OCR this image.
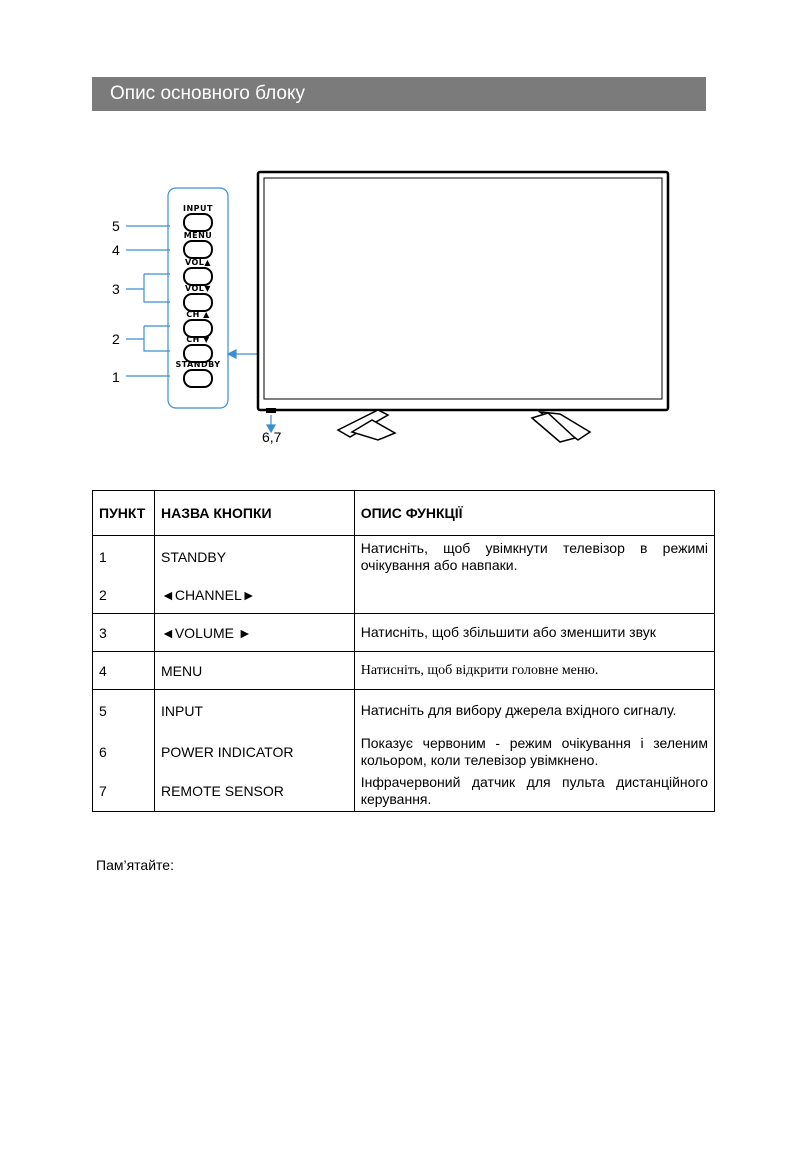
Опис основного блоку
INPUT
MENU
VOL▲
VOL▼
CH ▲
CH ▼
STANDBY
5
4
3
2
1
6,7
ПУНКТ	НАЗВА КНОПКИ	ОПИС ФУНКЦІЇ
1	STANDBY	Натисніть, щоб увімкнути телевізор в режимі очікування або навпаки.
2	◄CHANNEL►	
3	◄VOLUME ►	Натисніть, щоб збільшити або зменшити звук
4	MENU	Натисніть, щоб відкрити головне меню.
5	INPUT	Натисніть для вибору джерела вхідного сигналу.
6	POWER INDICATOR	Показує червоним - режим очікування і зеленим кольором, коли телевізор увімкнено.
7	REMOTE SENSOR	Інфрачервоний датчик для пульта дистанційного керування.
Пам’ятайте:
